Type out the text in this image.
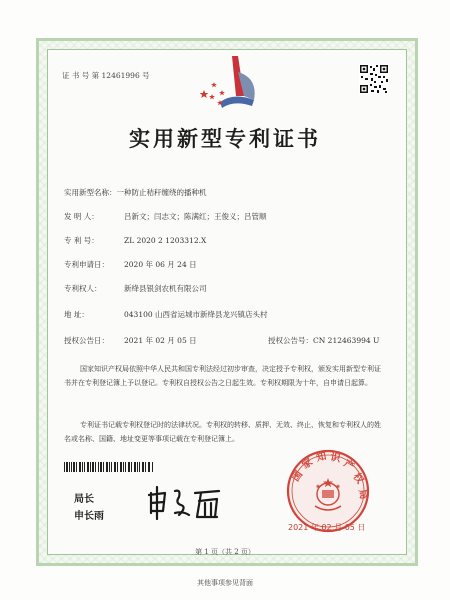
证 书 号 第 12461996 号
实用新型专利证书
实用新型名称：一种防止秸秆缠绕的播种机
发 明 人：	吕新文；闫志文；陈满红；王俊义；吕管顺
专 利 号：	ZL 2020 2 1203312.X
专利申请日： 2020 年 06 月 24 日
专利权人：	新绛县银剑农机有限公司
地 址：	043100 山西省运城市新绛县龙兴镇店头村
授权公告日： 2021 年 02 月 05 日	授权公告号：CN 212463994 U
国家知识产权局依照中华人民共和国专利法经过初步审查，决定授予专利权，颁发实用新型专利证书并在专利登记簿上予以登记。专利权自授权公告之日起生效。专利权期限为十年，自申请日起算。
专利证书记载专利权登记时的法律状况。专利权的转移、质押、无效、终止、恢复和专利权人的姓名或名称、国籍、地址变更等事项记载在专利登记簿上。
局长
申长雨
国
家 知 识 产
权
局
2021 年 02 月 05 日
第 1 页（共 2 页）
其他事项参见背面
